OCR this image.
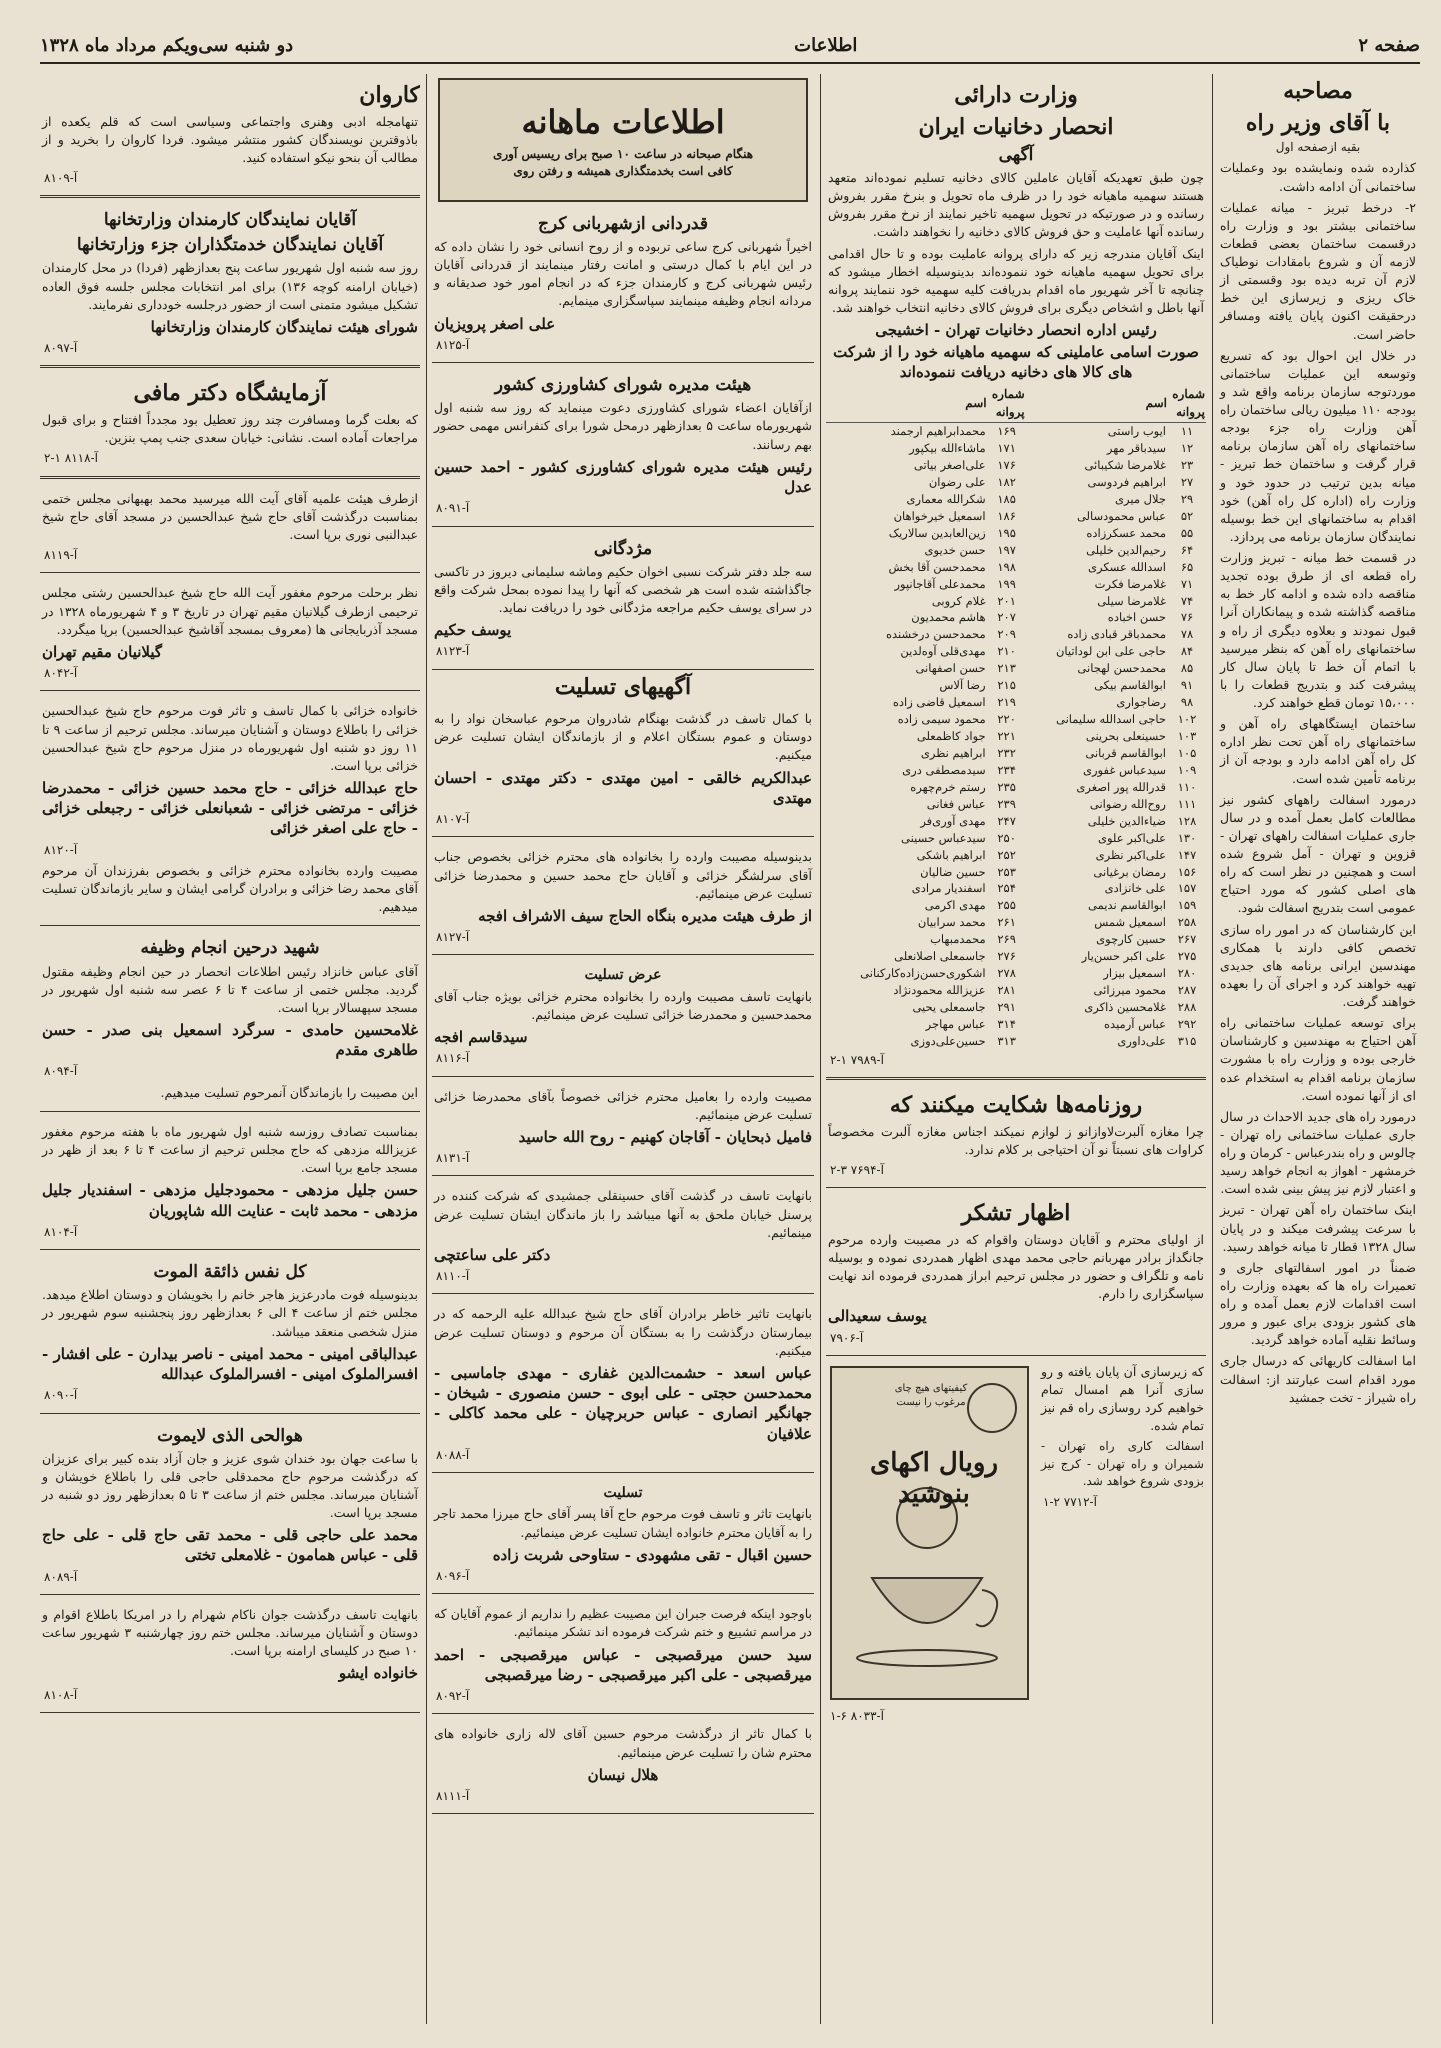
صفحه ۲
اطلاعات
دو شنبه سی‌ویکم مرداد ماه ۱۳۲۸
مصاحبه
با آقای وزیر راه
بقیه ازصفحه اول

کذارده شده ونمایشده بود وعملیات ساختمانی آن ادامه داشت.

۲- درخط تبریز - میانه عملیات ساختمانی بیشتر بود و وزارت راه درقسمت ساختمان بعضی قطعات لازمه آن و شروع بامقادات نوطیاک لازم آن تربه دیده بود وقسمتی از خاک ریزی و زیرسازی این خط درحقیقت اکنون پایان یافته ومسافر حاضر است.

در خلال این احوال بود که تسریع وتوسعه این عملیات ساختمانی موردتوجه سازمان برنامه واقع شد و بودجه ۱۱۰ میلیون ریالی ساختمان راه آهن وزارت راه جزء بودجه ساختمانهای راه آهن سازمان برنامه قرار گرفت و ساختمان خط تبریز - میانه بدین ترتیب در حدود خود و وزارت راه (اداره کل راه آهن) خود اقدام به ساختمانهای این خط بوسیله نمایندگان سازمان برنامه می پردازد.

در قسمت خط میانه - تبریز وزارت راه قطعه ای از طرق بوده تجدید مناقصه داده شده و ادامه کار خط به مناقصه گذاشته شده و پیمانکاران آنرا قبول نمودند و بعلاوه دیگری از راه و ساختمانهای راه آهن که بنظر میرسید با اتمام آن خط تا پایان سال کار پیشرفت کند و بتدریج قطعات را با ۱۵،۰۰۰ تومان قطع خواهند کرد.

ساختمان ایستگاههای راه آهن و ساختمانهای راه آهن تحت نظر اداره کل راه آهن ادامه دارد و بودجه آن از برنامه تأمین شده است.

درمورد اسفالت راههای کشور نیز مطالعات کامل بعمل آمده و در سال جاری عملیات اسفالت راههای تهران - قزوین و تهران - آمل شروع شده است و همچنین در نظر است که راه های اصلی کشور که مورد احتیاج عمومی است بتدریج اسفالت شود.

این کارشناسان که در امور راه سازی تخصص کافی دارند با همکاری مهندسین ایرانی برنامه های جدیدی تهیه خواهند کرد و اجرای آن را بعهده خواهند گرفت.

برای توسعه عملیات ساختمانی راه آهن احتیاج به مهندسین و کارشناسان خارجی بوده و وزارت راه با مشورت سازمان برنامه اقدام به استخدام عده ای از آنها نموده است.

درمورد راه های جدید الاحداث در سال جاری عملیات ساختمانی راه تهران - چالوس و راه بندرعباس - کرمان و راه خرمشهر - اهواز به انجام خواهد رسید و اعتبار لازم نیز پیش بینی شده است.

اینک ساختمان راه آهن تهران - تبریز با سرعت پیشرفت میکند و در پایان سال ۱۳۲۸ قطار تا میانه خواهد رسید.

ضمناً در امور اسفالتهای جاری و تعمیرات راه ها که بعهده وزارت راه است اقدامات لازم بعمل آمده و راه های کشور بزودی برای عبور و مرور وسائط نقلیه آماده خواهد گردید.

اما اسفالت کاریهائی که درسال جاری مورد اقدام است عبارتند از: اسفالت راه شیراز - تخت جمشید

وزارت دارائی
انحصار دخانیات ایران
آگهی

چون طبق تعهدیکه آقایان عاملین کالای دخانیه تسلیم نموده‌اند متعهد هستند سهمیه ماهیانه خود را در ظرف ماه تحویل و بنرخ مقرر بفروش رسانده و در صورتیکه در تحویل سهمیه تاخیر نمایند از نرخ مقرر بفروش رسانده آنها عاملیت و حق فروش کالای دخانیه را نخواهند داشت.

اینک آقایان مندرجه زیر که دارای پروانه عاملیت بوده و تا حال اقدامی برای تحویل سهمیه ماهیانه خود ننموده‌اند بدینوسیله اخطار میشود که چنانچه تا آخر شهریور ماه اقدام بدریافت کلیه سهمیه خود ننمایند پروانه آنها باطل و اشخاص دیگری برای فروش کالای دخانیه انتخاب خواهند شد.

رئیس اداره انحصار دخانیات تهران - اخشیجی
صورت اسامی عاملینی که سهمیه ماهیانه خود را از شرکت های کالا های دخانیه دریافت ننموده‌اند
شماره پروانه	اسم	شماره پروانه	اسم
۱۱	ایوب راستی	۱۶۹	محمدابراهیم ارجمند
۱۲	سیدباقر مهر	۱۷۱	ماشاءالله بیکپور
۲۳	غلامرضا شکیبائی	۱۷۶	علی‌اصغر بیاتی
۲۷	ابراهیم فردوسی	۱۸۲	علی رضوان
۲۹	جلال میری	۱۸۵	شکرالله معماری
۵۲	عباس محمودسالی	۱۸۶	اسمعیل خیرخواهان
۵۵	محمد عسکرزاده	۱۹۵	زین‌العابدین سالاریک
۶۴	رحیم‌الدین خلیلی	۱۹۷	حسن خدیوی
۶۵	اسدالله عسکری	۱۹۸	محمدحسن آقا بخش
۷۱	غلامرضا فکرت	۱۹۹	محمدعلی آقاجانپور
۷۴	غلامرضا سیلی	۲۰۱	غلام کروبی
۷۶	حسن اخباده	۲۰۷	هاشم محمدیون
۷۸	محمدباقر قبادی زاده	۲۰۹	محمدحسن درخشنده
۸۴	حاجی علی ابن لوداتیان	۲۱۰	مهدی‌قلی آوه‌لدین
۸۵	محمدحسن لهجانی	۲۱۳	حسن اصفهانی
۹۱	ابوالقاسم بیکی	۲۱۵	رضا آلاس
۹۸	رضاجواری	۲۱۹	اسمعیل قاضی زاده
۱۰۲	حاجی اسدالله سلیمانی	۲۲۰	محمود سیمی زاده
۱۰۳	حسینعلی بحرینی	۲۲۱	جواد کاظمعلی
۱۰۵	ابوالقاسم قربانی	۲۳۲	ابراهیم نظری
۱۰۹	سیدعباس غفوری	۲۳۴	سیدمصطفی دری
۱۱۰	قدرالله پور اصغری	۲۳۵	رستم خرم‌چهره
۱۱۱	روح‌الله رضوانی	۲۳۹	عباس فغانی
۱۲۸	ضیاءالدین خلیلی	۲۴۷	مهدی آوری‌فر
۱۳۰	علی‌اکبر علوی	۲۵۰	سیدعباس حسینی
۱۴۷	علی‌اکبر نظری	۲۵۲	ابراهیم باشکی
۱۵۶	رمضان برغیانی	۲۵۳	حسین ضالیان
۱۵۷	علی خانزادی	۲۵۴	اسفندیار مرادی
۱۵۹	ابوالقاسم ندیمی	۲۵۵	مهدی اکرمی
۲۵۸	اسمعیل شمس	۲۶۱	محمد سرابیان
۲۶۷	حسین کارچوی	۲۶۹	محمدمبهاب
۲۷۵	علی اکبر حسن‌یار	۲۷۶	جاسمعلی اصلانعلی
۲۸۰	اسمعیل بیزار	۲۷۸	اشکوری‌حسن‌زاده‌کارکنانی
۲۸۷	محمود میرزائی	۲۸۱	عزیزالله محمودنژاد
۲۸۸	غلامحسین ذاکری	۲۹۱	جاسمعلی یحیی
۲۹۲	عباس آرمیده	۳۱۴	عباس مهاجر
۳۱۵	علی‌داوری	۳۱۳	حسین‌علی‌دوزی
۲-۱ آ-۷۹۸۹
روزنامه‌ها شکایت میکنند که

چرا مغازه آلبرت‌لاوازانو ز لوازم نمیکند اجناس مغازه آلبرت مخصوصاً کراوات های نسبتاً نو آن احتیاجی بر کلام ندارد.

۲-۳ آ-۷۶۹۴
اظهار تشکر

از اولیای محترم و آقایان دوستان واقوام که در مصیبت وارده مرحوم جانگداز برادر مهربانم حاجی محمد مهدی اظهار همدردی نموده و بوسیله نامه و تلگراف و حضور در مجلس ترحیم ابراز همدردی فرموده اند نهایت سپاسگزاری را دارم.

یوسف سعیدالی
آ-۷۹۰۶

که زیرسازی آن پایان یافته و رو سازی آنرا هم امسال تمام خواهیم کرد روسازی راه قم نیز تمام شده.

اسفالت کاری راه تهران - شمیران و راه تهران - کرج نیز بزودی شروع خواهد شد.

۱-۲ آ-۷۷۱۲
رویال اکهای بنوشید
کیفیتهای هیچ چای مرغوب را نیست
۱-۶ آ-۸۰۳۳
اطلاعات ماهانه
هنگام صبحانه در ساعت ۱۰ صبح برای ریسیس آوری
کافی است بخدمتگذاری همیشه و رفتن روی
قدردانی ازشهربانی کرج

اخیراً شهربانی کرج ساعی تربوده و از روح انسانی خود را نشان داده که در این ایام با کمال درستی و امانت رفتار مینمایند از قدردانی آقایان رئیس شهربانی کرج و کارمندان جزء که در انجام امور خود صدیقانه و مردانه انجام وظیفه مینمایند سپاسگزاری مینمایم.

علی اصغر پرویزیان
آ-۸۱۲۵
هیئت مدیره شورای کشاورزی کشور

ازآقایان اعضاء شورای کشاورزی دعوت مینماید که روز سه شنبه اول شهریورماه ساعت ۵ بعدازظهر درمحل شورا برای کنفرانس مهمی حضور بهم رسانند.

رئیس هیئت مدیره شورای کشاورزی کشور - احمد حسین عدل
آ-۸۰۹۱
مژدگانی

سه جلد دفتر شرکت نسبی اخوان حکیم وماشه سلیمانی دیروز در تاکسی جاگذاشته شده است هر شخصی که آنها را پیدا نموده بمحل شرکت واقع در سرای یوسف حکیم مراجعه مژدگانی خود را دریافت نماید.

یوسف حکیم
آ-۸۱۲۳
آگهیهای تسلیت

با کمال تاسف در گذشت بهنگام شادروان مرحوم عباسخان نواد را به دوستان و عموم بستگان اعلام و از بازماندگان ایشان تسلیت عرض میکنیم.

عبدالکریم خالقی - امین مهتدی - دکتر مهتدی - احسان مهتدی
آ-۸۱۰۷

بدینوسیله مصیبت وارده را بخانواده های محترم خزائی بخصوص جناب آقای سرلشگر خزائی و آقایان حاج محمد حسین و محمدرضا خزائی تسلیت عرض مینمائیم.

از طرف هیئت مدیره بنگاه الحاج سیف الاشراف افجه
آ-۸۱۲۷
عرض تسلیت

بانهایت تاسف مصیبت وارده را بخانواده محترم خزائی بویژه جناب آقای محمدحسین و محمدرضا خزائی تسلیت عرض مینمائیم.

سیدقاسم افجه
آ-۸۱۱۶

مصیبت وارده را بعامیل محترم خزائی خصوصاً بآقای محمدرضا خزائی تسلیت عرض مینمائیم.

فامیل ذبحایان - آقاجان کهنیم - روح الله حاسید
آ-۸۱۳۱

بانهایت تاسف در گذشت آقای حسینقلی جمشیدی که شرکت کننده در پرسنل خیابان ملحق به آنها میباشد را باز ماندگان ایشان تسلیت عرض مینمائیم.

دکتر علی ساعتچی
آ-۸۱۱۰

بانهایت تاثیر خاطر برادران آقای حاج شیخ عبدالله علیه الرحمه که در بیمارستان درگذشت را به بستگان آن مرحوم و دوستان تسلیت عرض میکنیم.

عباس اسعد - حشمت‌الدین غفاری - مهدی جاماسبی - محمدحسن حجتی - علی ابوی - حسن منصوری - شیخان - جهانگیر انصاری - عباس حربرچیان - علی محمد کاکلی - علافیان
آ-۸۰۸۸
تسلیت

بانهایت تاثر و تاسف فوت مرحوم حاج آقا پسر آقای حاج میرزا محمد تاجر را به آقایان محترم خانواده ایشان تسلیت عرض مینمائیم.

حسین اقبال - تقی مشهودی - ستاوحی شربت زاده
آ-۸۰۹۶

باوجود اینکه فرصت جبران این مصیبت عظیم را نداریم از عموم آقایان که در مراسم تشییع و ختم شرکت فرموده اند تشکر مینمائیم.

سید حسن میرقصبجی - عباس میرقصبجی - احمد میرقصبجی - علی اکبر میرقصبجی - رضا میرقصبجی
آ-۸۰۹۲

با کمال تاثر از درگذشت مرحوم حسین آقای لاله زاری خانواده های محترم شان را تسلیت عرض مینمائیم.

هلال نیسان
آ-۸۱۱۱
کاروان

تنهامجله ادبی وهنری واجتماعی وسیاسی است که قلم یکعده از باذوقترین نویسندگان کشور منتشر میشود. فردا کاروان را بخرید و از مطالب آن بنحو نیکو استفاده کنید.

آ-۸۱۰۹
آقایان نمایندگان کارمندان وزارتخانها
آقایان نمایندگان خدمتگذاران جزء وزارتخانها

روز سه شنبه اول شهریور ساعت پنج بعدازظهر (فردا) در محل کارمندان (خیابان ارامنه کوچه ۱۳۶) برای امر انتخابات مجلس جلسه فوق العاده تشکیل میشود متمنی است از حضور درجلسه خودداری نفرمایند.

شورای هیئت نمایندگان کارمندان وزارتخانها
آ-۸۰۹۷
آزمایشگاه دکتر مافی

که بعلت گرما ومسافرت چند روز تعطیل بود مجدداً افتتاح و برای قبول مراجعات آماده است. نشانی: خیابان سعدی جنب پمپ بنزین.

۲-۱ آ-۸۱۱۸

ازطرف هیئت علمیه آقای آیت الله میرسید محمد بهبهانی مجلس ختمی بمناسبت درگذشت آقای حاج شیخ عبدالحسین در مسجد آقای حاج شیخ عبدالنبی نوری برپا است.

آ-۸۱۱۹

نظر برحلت مرحوم مغفور آیت الله حاج شیخ عبدالحسین رشتی مجلس ترحیمی ازطرف گیلانیان مقیم تهران در تاریخ ۳ و ۴ شهریورماه ۱۳۲۸ در مسجد آذربایجانی ها (معروف بمسجد آقاشیخ عبدالحسین) برپا میگردد.

گیلانیان مقیم تهران
آ-۸۰۴۲

خانواده خزائی با کمال تاسف و تاثر فوت مرحوم حاج شیخ عبدالحسین خزائی را باطلاع دوستان و آشنایان میرساند. مجلس ترحیم از ساعت ۹ تا ۱۱ روز دو شنبه اول شهریورماه در منزل مرحوم حاج شیخ عبدالحسین خزائی برپا است.

حاج عبدالله خزائی - حاج محمد حسین خزائی - محمدرضا خزائی - مرتضی خزائی - شعبانعلی خزائی - رجبعلی خزائی - حاج علی اصغر خزائی
آ-۸۱۲۰

مصیبت وارده بخانواده محترم خزائی و بخصوص بفرزندان آن مرحوم آقای محمد رضا خزائی و برادران گرامی ایشان و سایر بازماندگان تسلیت میدهیم.

شهید درحین انجام وظیفه

آقای عباس خانزاد رئیس اطلاعات انحصار در حین انجام وظیفه مقتول گردید. مجلس ختمی از ساعت ۴ تا ۶ عصر سه شنبه اول شهریور در مسجد سپهسالار برپا است.

غلامحسین حامدی - سرگرد اسمعیل بنی صدر - حسن طاهری مقدم
آ-۸۰۹۴

این مصیبت را بازماندگان آنمرحوم تسلیت میدهیم.

بمناسبت تصادف روزسه شنبه اول شهریور ماه با هفته مرحوم مغفور عزیزالله مزدهی که حاج مجلس ترحیم از ساعت ۴ تا ۶ بعد از ظهر در مسجد جامع برپا است.

حسن جلیل مزدهی - محمودجلیل مزدهی - اسفندیار جلیل مزدهی - محمد ثابت - عنایت الله شاپوریان
آ-۸۱۰۴
کل نفس ذائقة الموت

بدینوسیله فوت مادرعزیز هاجر خانم را بخویشان و دوستان اطلاع میدهد. مجلس ختم از ساعت ۴ الی ۶ بعدازظهر روز پنجشنبه سوم شهریور در منزل شخصی منعقد میباشد.

عبدالباقی امینی - محمد امینی - ناصر بیدارن - علی افشار - افسرالملوک امینی - افسرالملوک عبدالله
آ-۸۰۹۰
هوالحی الذی لایموت

با ساعت جهان بود خندان شوی عزیز و جان آزاد بنده کبیر برای عزیزان که درگذشت مرحوم حاج محمدقلی حاجی قلی را باطلاع خویشان و آشنایان میرساند. مجلس ختم از ساعت ۳ تا ۵ بعدازظهر روز دو شنبه در مسجد برپا است.

محمد علی حاجی قلی - محمد تقی حاج قلی - علی حاج قلی - عباس همامون - غلامعلی تختی
آ-۸۰۸۹

بانهایت تاسف درگذشت جوان ناکام شهرام را در امریکا باطلاع اقوام و دوستان و آشنایان میرساند. مجلس ختم روز چهارشنبه ۳ شهریور ساعت ۱۰ صبح در کلیسای ارامنه برپا است.

خانواده ایشو
آ-۸۱۰۸
